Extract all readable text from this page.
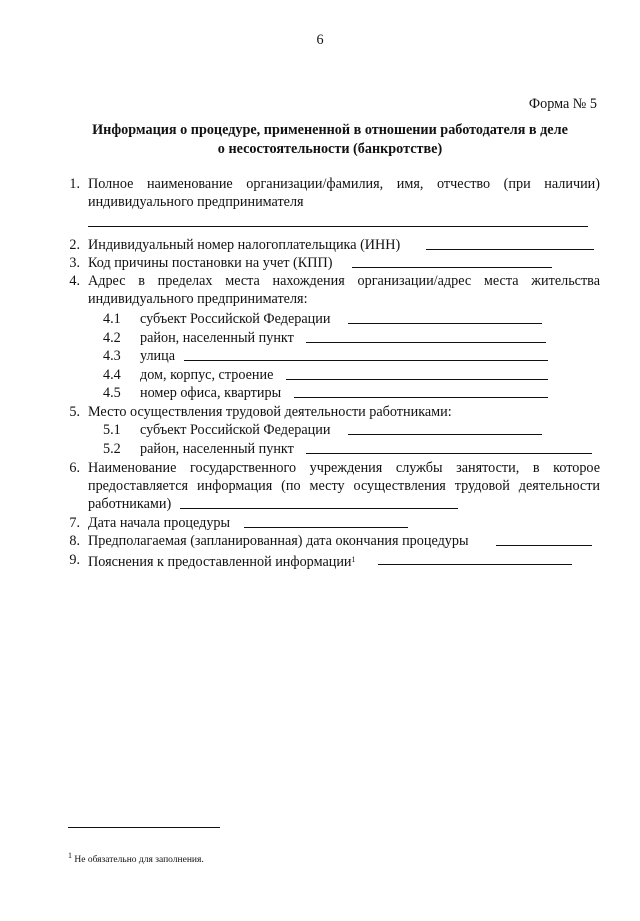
6
Форма № 5
Информация о процедуре, примененной в отношении работодателя в деле
о несостоятельности (банкротстве)
1. Полное наименование организации/фамилия, имя, отчество (при наличии)
индивидуального предпринимателя
2. Индивидуальный номер налогоплательщика (ИНН)
3. Код причины постановки на учет (КПП)
4. Адрес в пределах места нахождения организации/адрес места жительства
индивидуального предпринимателя:
4.1 субъект Российской Федерации
4.2 район, населенный пункт
4.3 улица
4.4 дом, корпус, строение
4.5 номер офиса, квартиры
5. Место осуществления трудовой деятельности работниками:
5.1 субъект Российской Федерации
5.2 район, населенный пункт
6. Наименование государственного учреждения службы занятости, в которое
предоставляется информация (по месту осуществления трудовой деятельности
работниками)
7. Дата начала процедуры
8. Предполагаемая (запланированная) дата окончания процедуры
9. Пояснения к предоставленной информации$^1$
$^1$ Не обязательно для заполнения.
